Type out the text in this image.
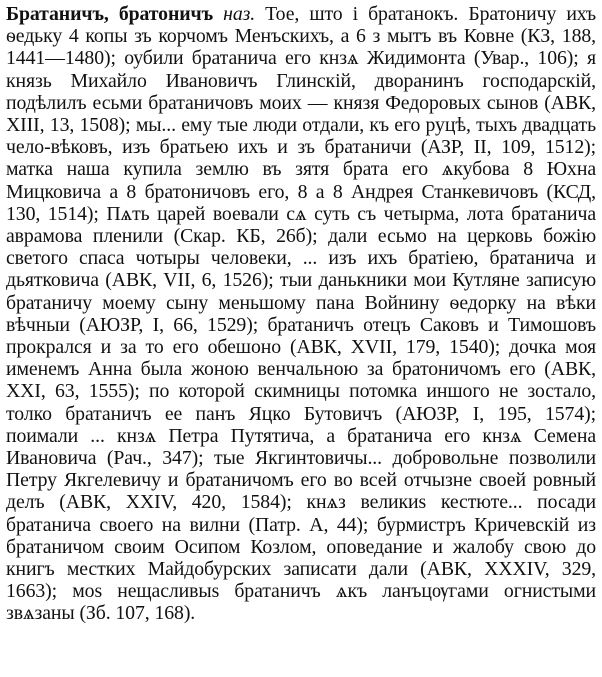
Братаничъ, братоничъ наз. Тое, што і братанокъ. Братоничу ихъ ѳедьку 4 копы зъ корчомъ Менъскихъ, а 6 з мытъ въ Ковне (КЗ, 188, 1441—1480); оубили братанича его кнзѧ Жидимонта (Увар., 106); я князь Михайло Ивановичъ Глинскій, дворанинъ господарскій, подѣлилъ есьми братаничовъ моих — князя Федоровых сынов (АВК, XIII, 13, 1508); мы... ему тые люди отдали, къ его руцѣ, тыхъ двадцать чело-вѣковъ, изъ братьею ихъ и зъ братаничи (АЗР, II, 109, 1512); матка наша купила землю въ зятя брата его ѧкубова 8 Юхна Мицковича а 8 братоничовъ его, 8 а 8 Андрея Станкевичовъ (КСД, 130, 1514); Пѧть царей воевали сѧ суть съ четырма, лота братанича аврамова пленили (Скар. КБ, 26б); дали есьмо на церковь божію светого спаса чотыры человеки, ... изъ ихъ братіею, братанича и дьятковича (АВК, VII, 6, 1526); тыи данькники мои Кутляне записую братаничу моему сыну меньшому пана Войнину ѳедорку на вѣки вѣчныи (АЮЗР, I, 66, 1529); братаничъ отецъ Саковъ и Тимошовъ прокрался и за то его обешоно (АВК, XVII, 179, 1540); дочка моя именемъ Анна была жоною венчальною за братоничомъ его (АВК, XXI, 63, 1555); по которой скимницы потомка иншого не зостало, толко братаничъ ее панъ Яцко Бутовичъ (АЮЗР, I, 195, 1574); поимали ... кнзѧ Петра Путятича, а братанича его кнзѧ Семена Ивановича (Рач., 347); тые Якгинтовичы... добровольне позволили Петру Якгелевичу и братаничомъ его во всей отчызне своей ровный делъ (АВК, XXIV, 420, 1584); кнѧз великиѕ кестюте... посади братанича своего на вилни (Патр. А, 44); бурмистръ Кричевскій из братаничом своим Осипом Козлом, оповедание и жалобу свою до книгъ местких Майдобурских записати дали (АВК, XXXIV, 329, 1663); моѕ нещасливыѕ братаничъ ѧкъ ланъцѹгами огнистыми звѧзаны (Зб. 107, 168).
